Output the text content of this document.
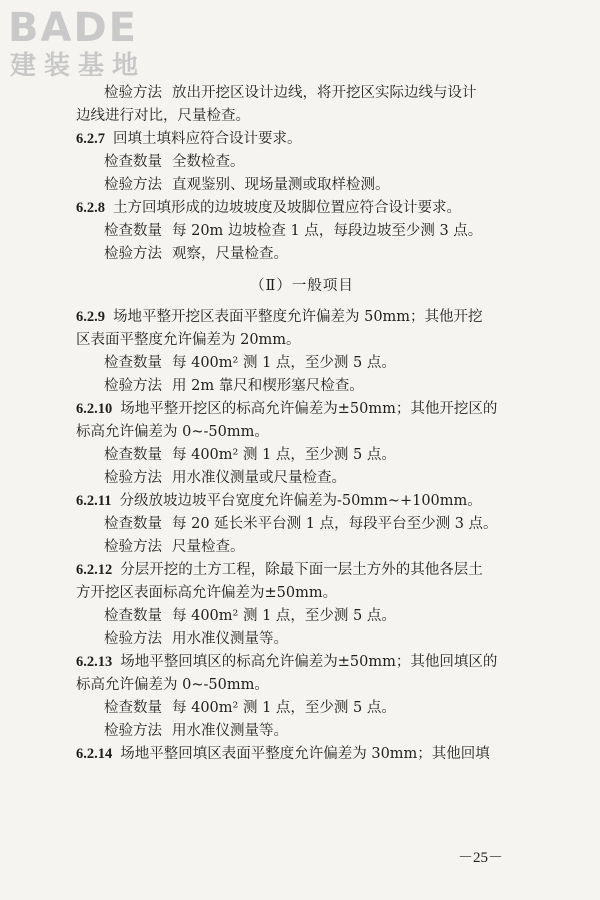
BADE
建装基地
检验方法 放出开挖区设计边线，将开挖区实际边线与设计
边线进行对比，尺量检查。
6.2.7 回填土填料应符合设计要求。
检查数量 全数检查。
检验方法 直观鉴别、现场量测或取样检测。
6.2.8 土方回填形成的边坡坡度及坡脚位置应符合设计要求。
检查数量 每 20m 边坡检查 1 点，每段边坡至少测 3 点。
检验方法 观察，尺量检查。
（Ⅱ）一般项目
6.2.9 场地平整开挖区表面平整度允许偏差为 50mm；其他开挖
区表面平整度允许偏差为 20mm。
检查数量 每 400m² 测 1 点，至少测 5 点。
检验方法 用 2m 靠尺和楔形塞尺检查。
6.2.10 场地平整开挖区的标高允许偏差为±50mm；其他开挖区的
标高允许偏差为 0~-50mm。
检查数量 每 400m² 测 1 点，至少测 5 点。
检验方法 用水准仪测量或尺量检查。
6.2.11 分级放坡边坡平台宽度允许偏差为-50mm~+100mm。
检查数量 每 20 延长米平台测 1 点，每段平台至少测 3 点。
检验方法 尺量检查。
6.2.12 分层开挖的土方工程，除最下面一层土方外的其他各层土
方开挖区表面标高允许偏差为±50mm。
检查数量 每 400m² 测 1 点，至少测 5 点。
检验方法 用水准仪测量等。
6.2.13 场地平整回填区的标高允许偏差为±50mm；其他回填区的
标高允许偏差为 0~-50mm。
检查数量 每 400m² 测 1 点，至少测 5 点。
检验方法 用水准仪测量等。
6.2.14 场地平整回填区表面平整度允许偏差为 30mm；其他回填
－25－
